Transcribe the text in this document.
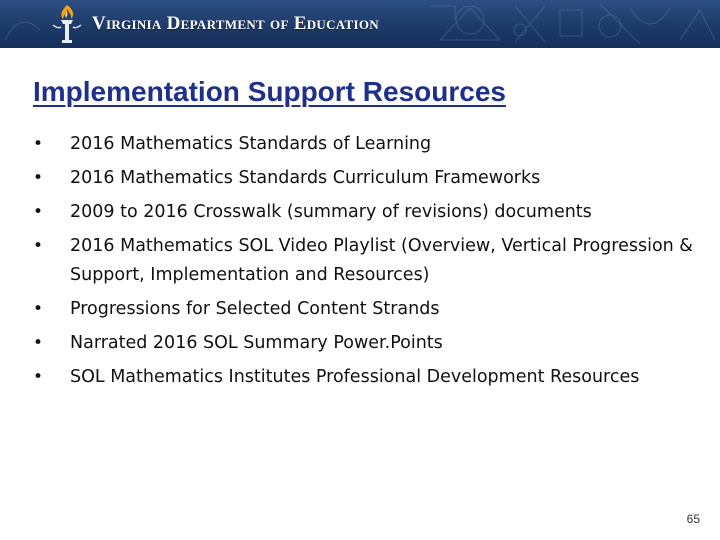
Virginia Department of Education
Implementation Support Resources
•	2016 Mathematics Standards of Learning
•	2016 Mathematics Standards Curriculum Frameworks
•	2009 to 2016 Crosswalk (summary of revisions) documents
•	2016 Mathematics SOL Video Playlist (Overview, Vertical Progression & Support, Implementation and Resources)
•	Progressions for Selected Content Strands
•	Narrated 2016 SOL Summary Power.Points
•	SOL Mathematics Institutes Professional Development Resources
65
